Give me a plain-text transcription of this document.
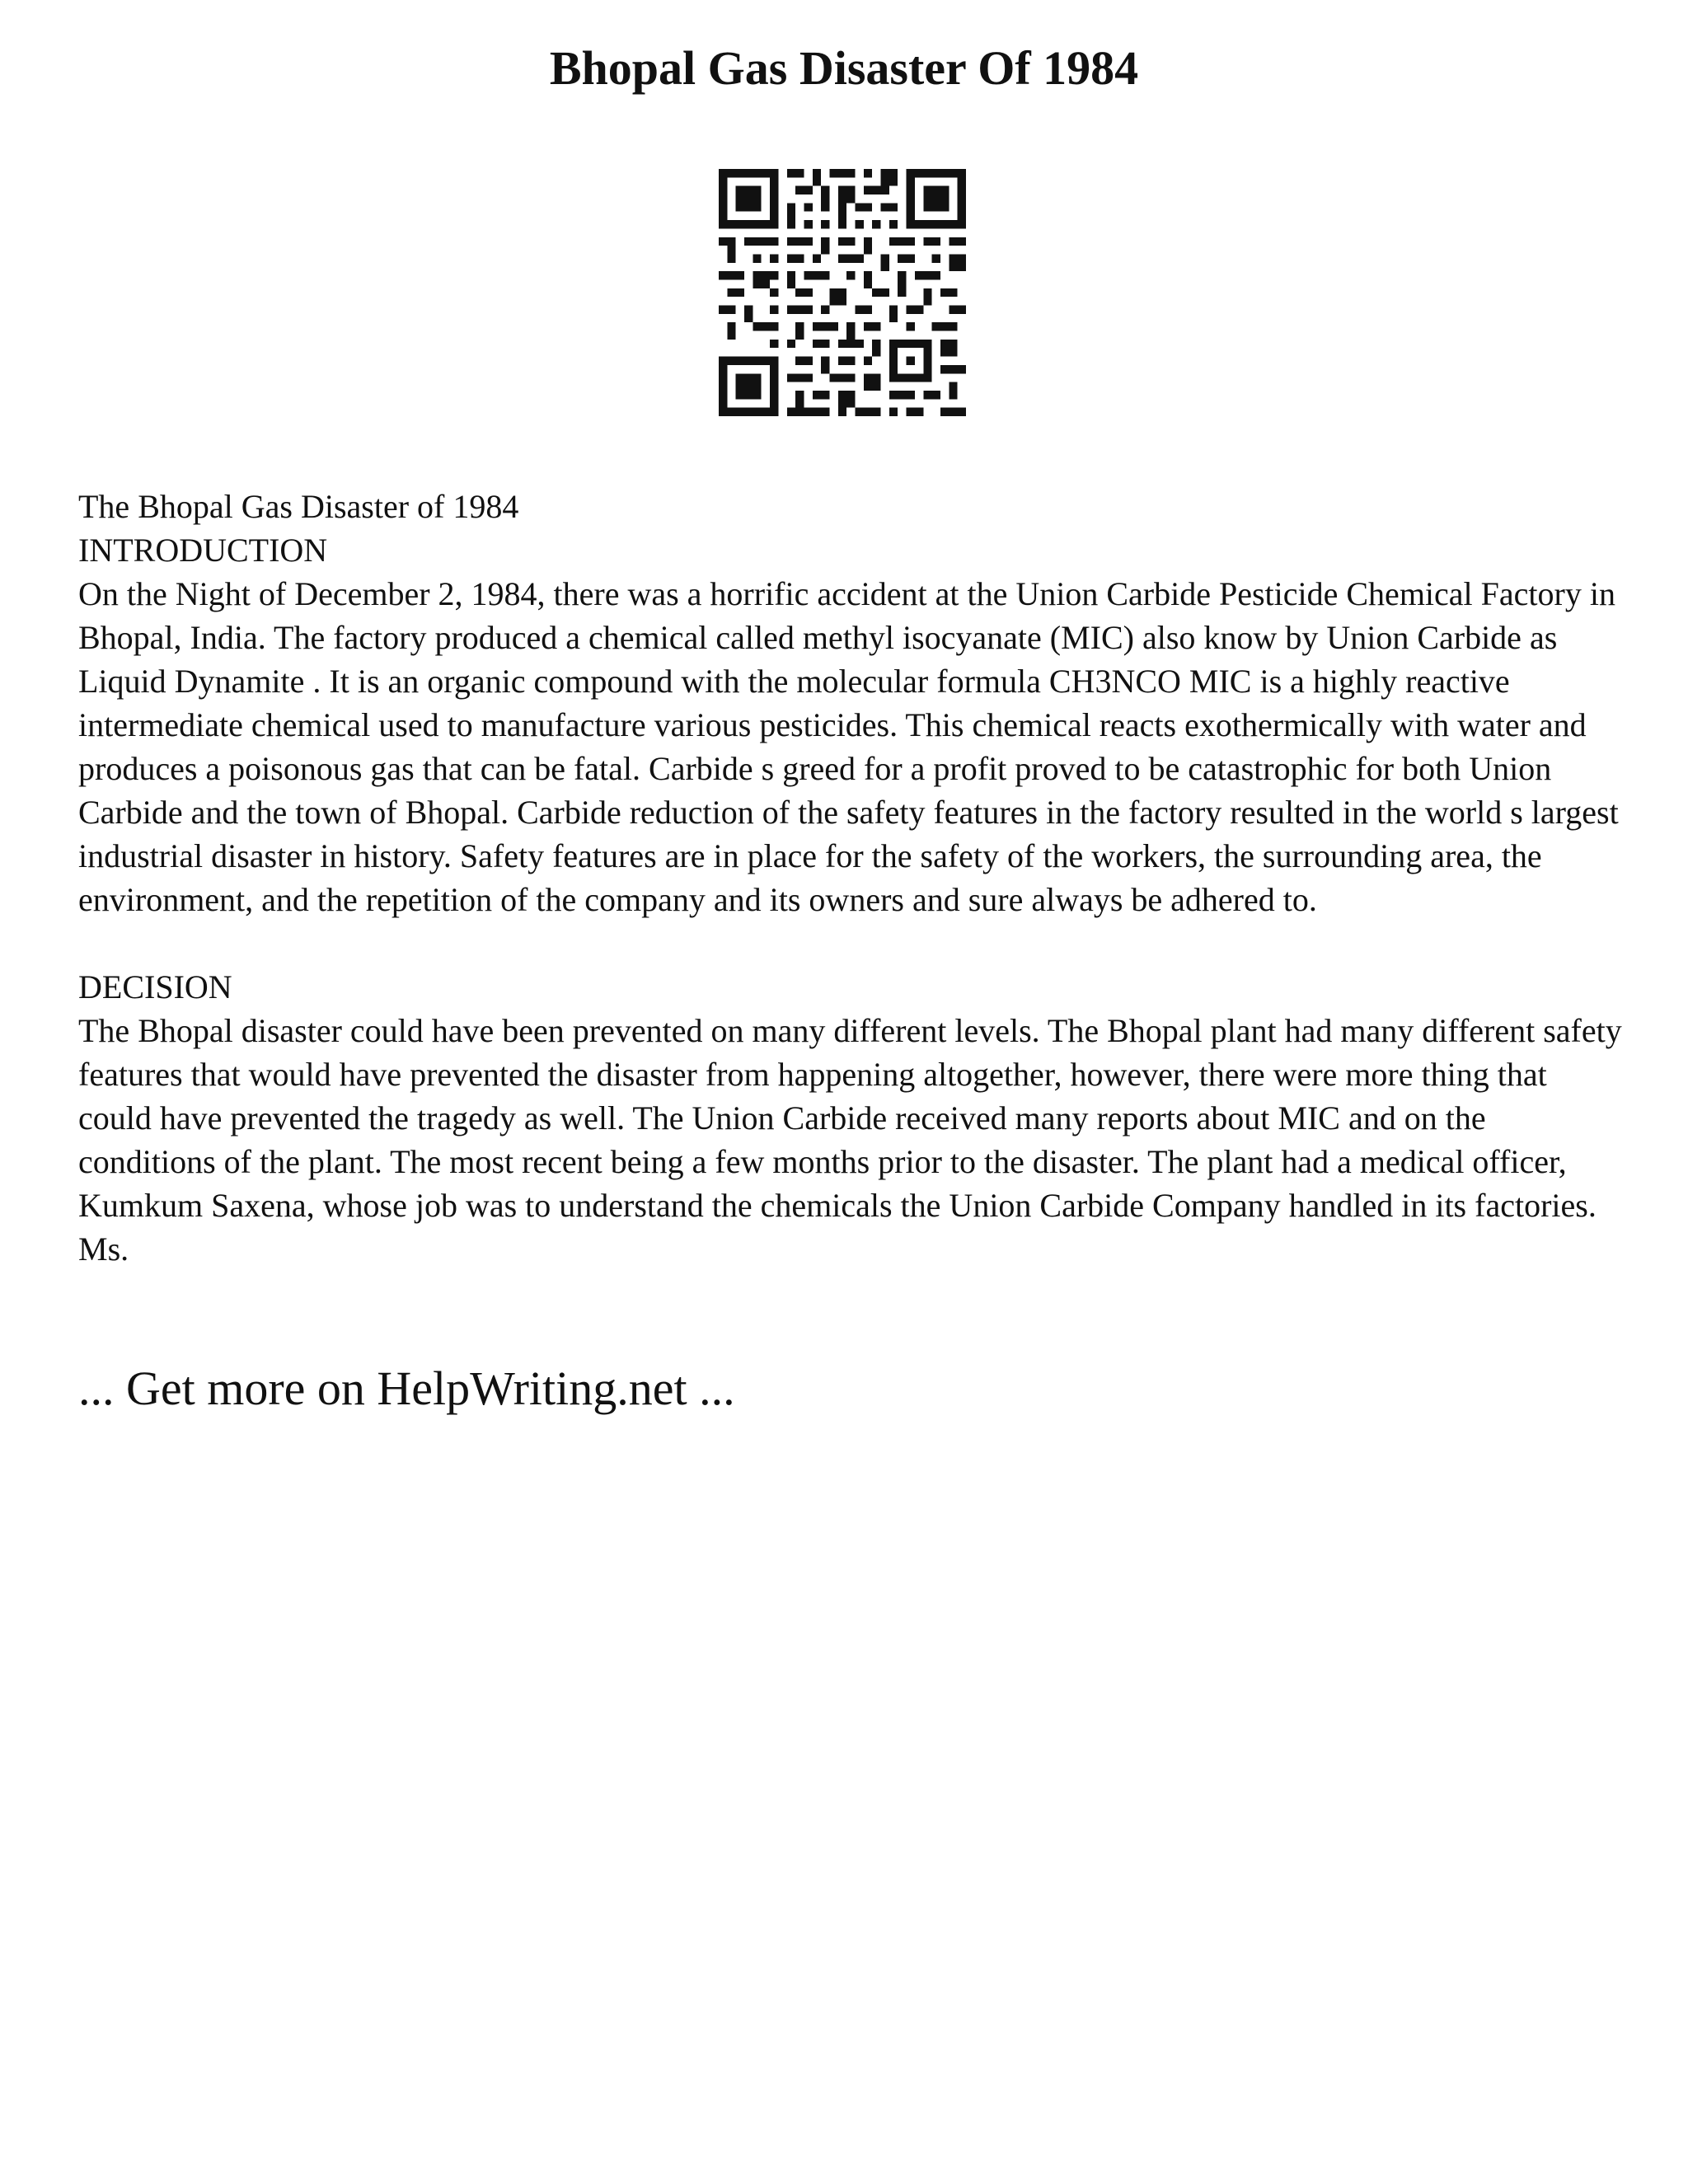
Bhopal Gas Disaster Of 1984

The Bhopal Gas Disaster of 1984

INTRODUCTION

On the Night of December 2, 1984, there was a horrific accident at the Union Carbide Pesticide Chemical Factory in Bhopal, India. The factory produced a chemical called methyl isocyanate (MIC) also know by Union Carbide as Liquid Dynamite . It is an organic compound with the molecular formula CH3NCO MIC is a highly reactive intermediate chemical used to manufacture various pesticides. This chemical reacts exothermically with water and produces a poisonous gas that can be fatal. Carbide s greed for a profit proved to be catastrophic for both Union Carbide and the town of Bhopal. Carbide reduction of the safety features in the factory resulted in the world s largest industrial disaster in history. Safety features are in place for the safety of the workers, the surrounding area, the environment, and the repetition of the company and its owners and sure always be adhered to.

DECISION

The Bhopal disaster could have been prevented on many different levels. The Bhopal plant had many different safety features that would have prevented the disaster from happening altogether, however, there were more thing that could have prevented the tragedy as well. The Union Carbide received many reports about MIC and on the conditions of the plant. The most recent being a few months prior to the disaster. The plant had a medical officer, Kumkum Saxena, whose job was to understand the chemicals the Union Carbide Company handled in its factories. Ms.

... Get more on HelpWriting.net ...
